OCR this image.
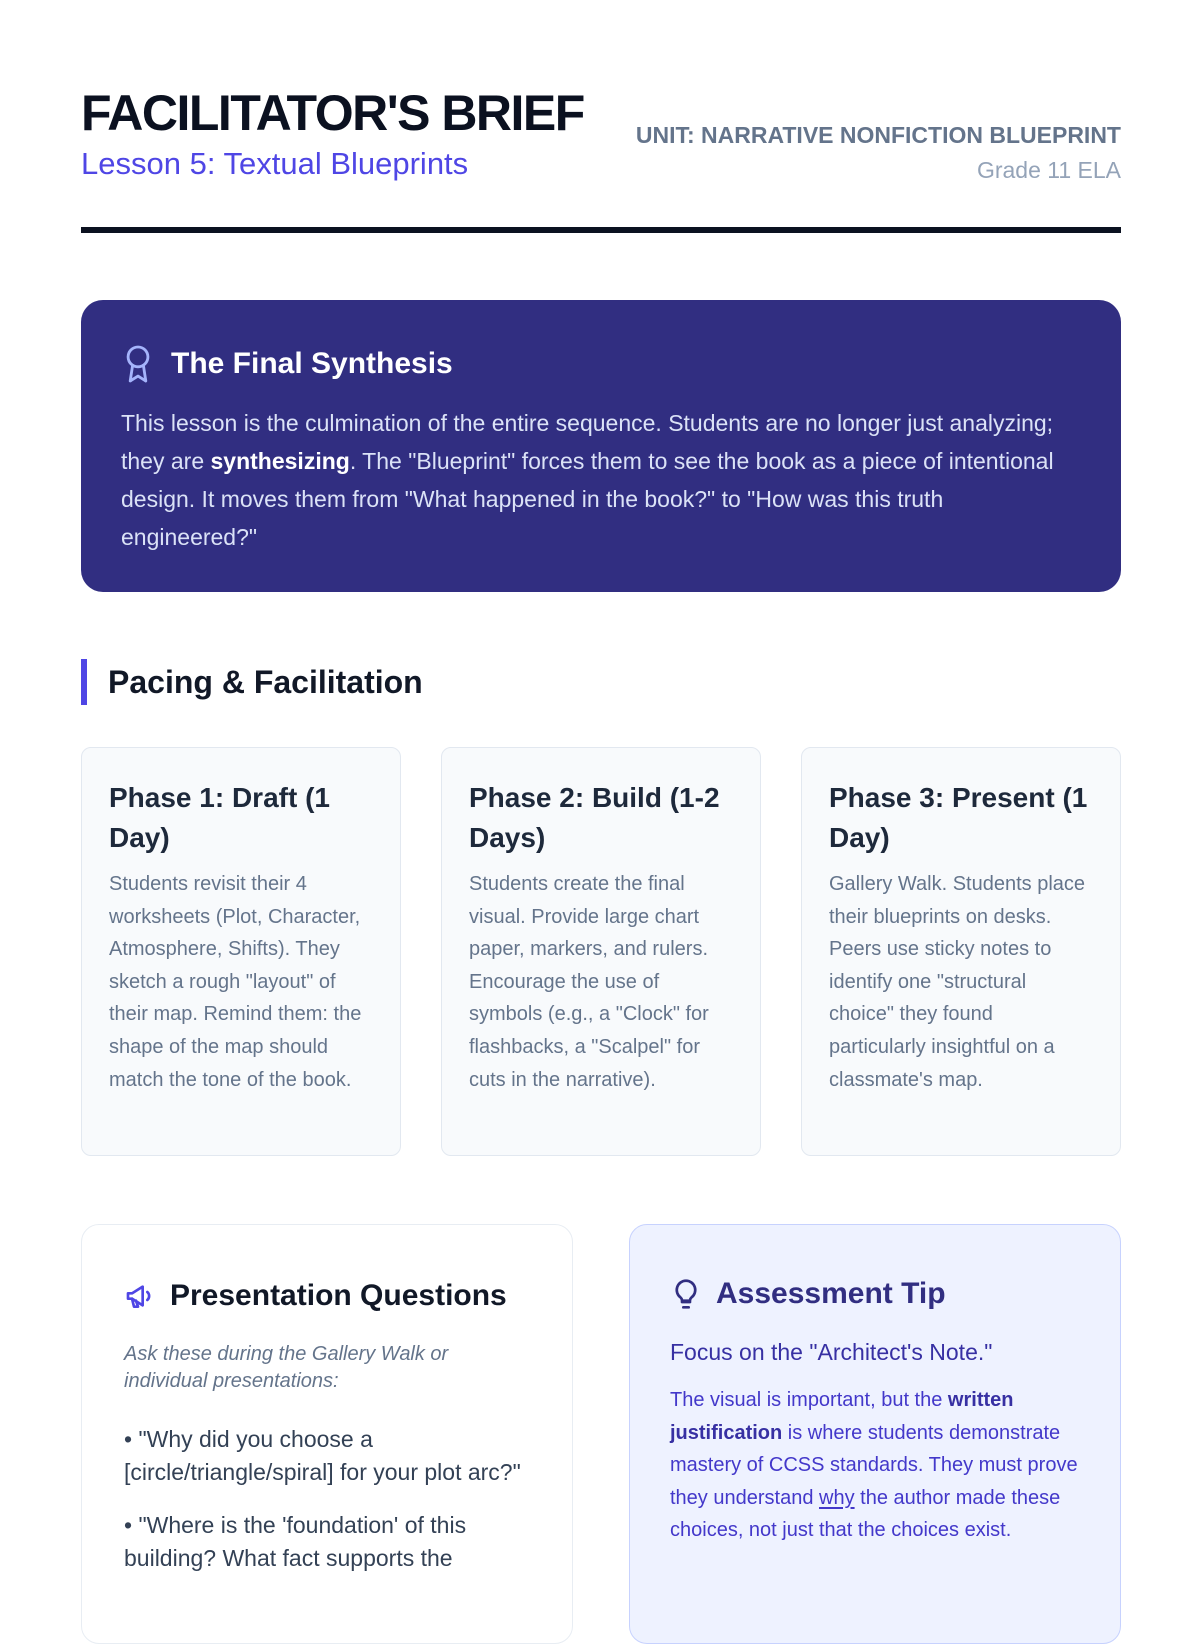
FACILITATOR'S BRIEF
Lesson 5: Textual Blueprints
UNIT: NARRATIVE NONFICTION BLUEPRINT
Grade 11 ELA
The Final Synthesis
This lesson is the culmination of the entire sequence. Students are no longer just analyzing; they are synthesizing. The "Blueprint" forces them to see the book as a piece of intentional design. It moves them from "What happened in the book?" to "How was this truth engineered?"
Pacing & Facilitation
Phase 1: Draft (1 Day)
Students revisit their 4 worksheets (Plot, Character, Atmosphere, Shifts). They sketch a rough "layout" of their map. Remind them: the shape of the map should match the tone of the book.
Phase 2: Build (1-2 Days)
Students create the final visual. Provide large chart paper, markers, and rulers. Encourage the use of symbols (e.g., a "Clock" for flashbacks, a "Scalpel" for cuts in the narrative).
Phase 3: Present (1 Day)
Gallery Walk. Students place their blueprints on desks. Peers use sticky notes to identify one "structural choice" they found particularly insightful on a classmate's map.
Presentation Questions
Ask these during the Gallery Walk or individual presentations:
• "Why did you choose a [circle/triangle/spiral] for your plot arc?"
• "Where is the 'foundation' of this building? What fact supports the
Assessment Tip
Focus on the "Architect's Note."
The visual is important, but the written justification is where students demonstrate mastery of CCSS standards. They must prove they understand why the author made these choices, not just that the choices exist.
